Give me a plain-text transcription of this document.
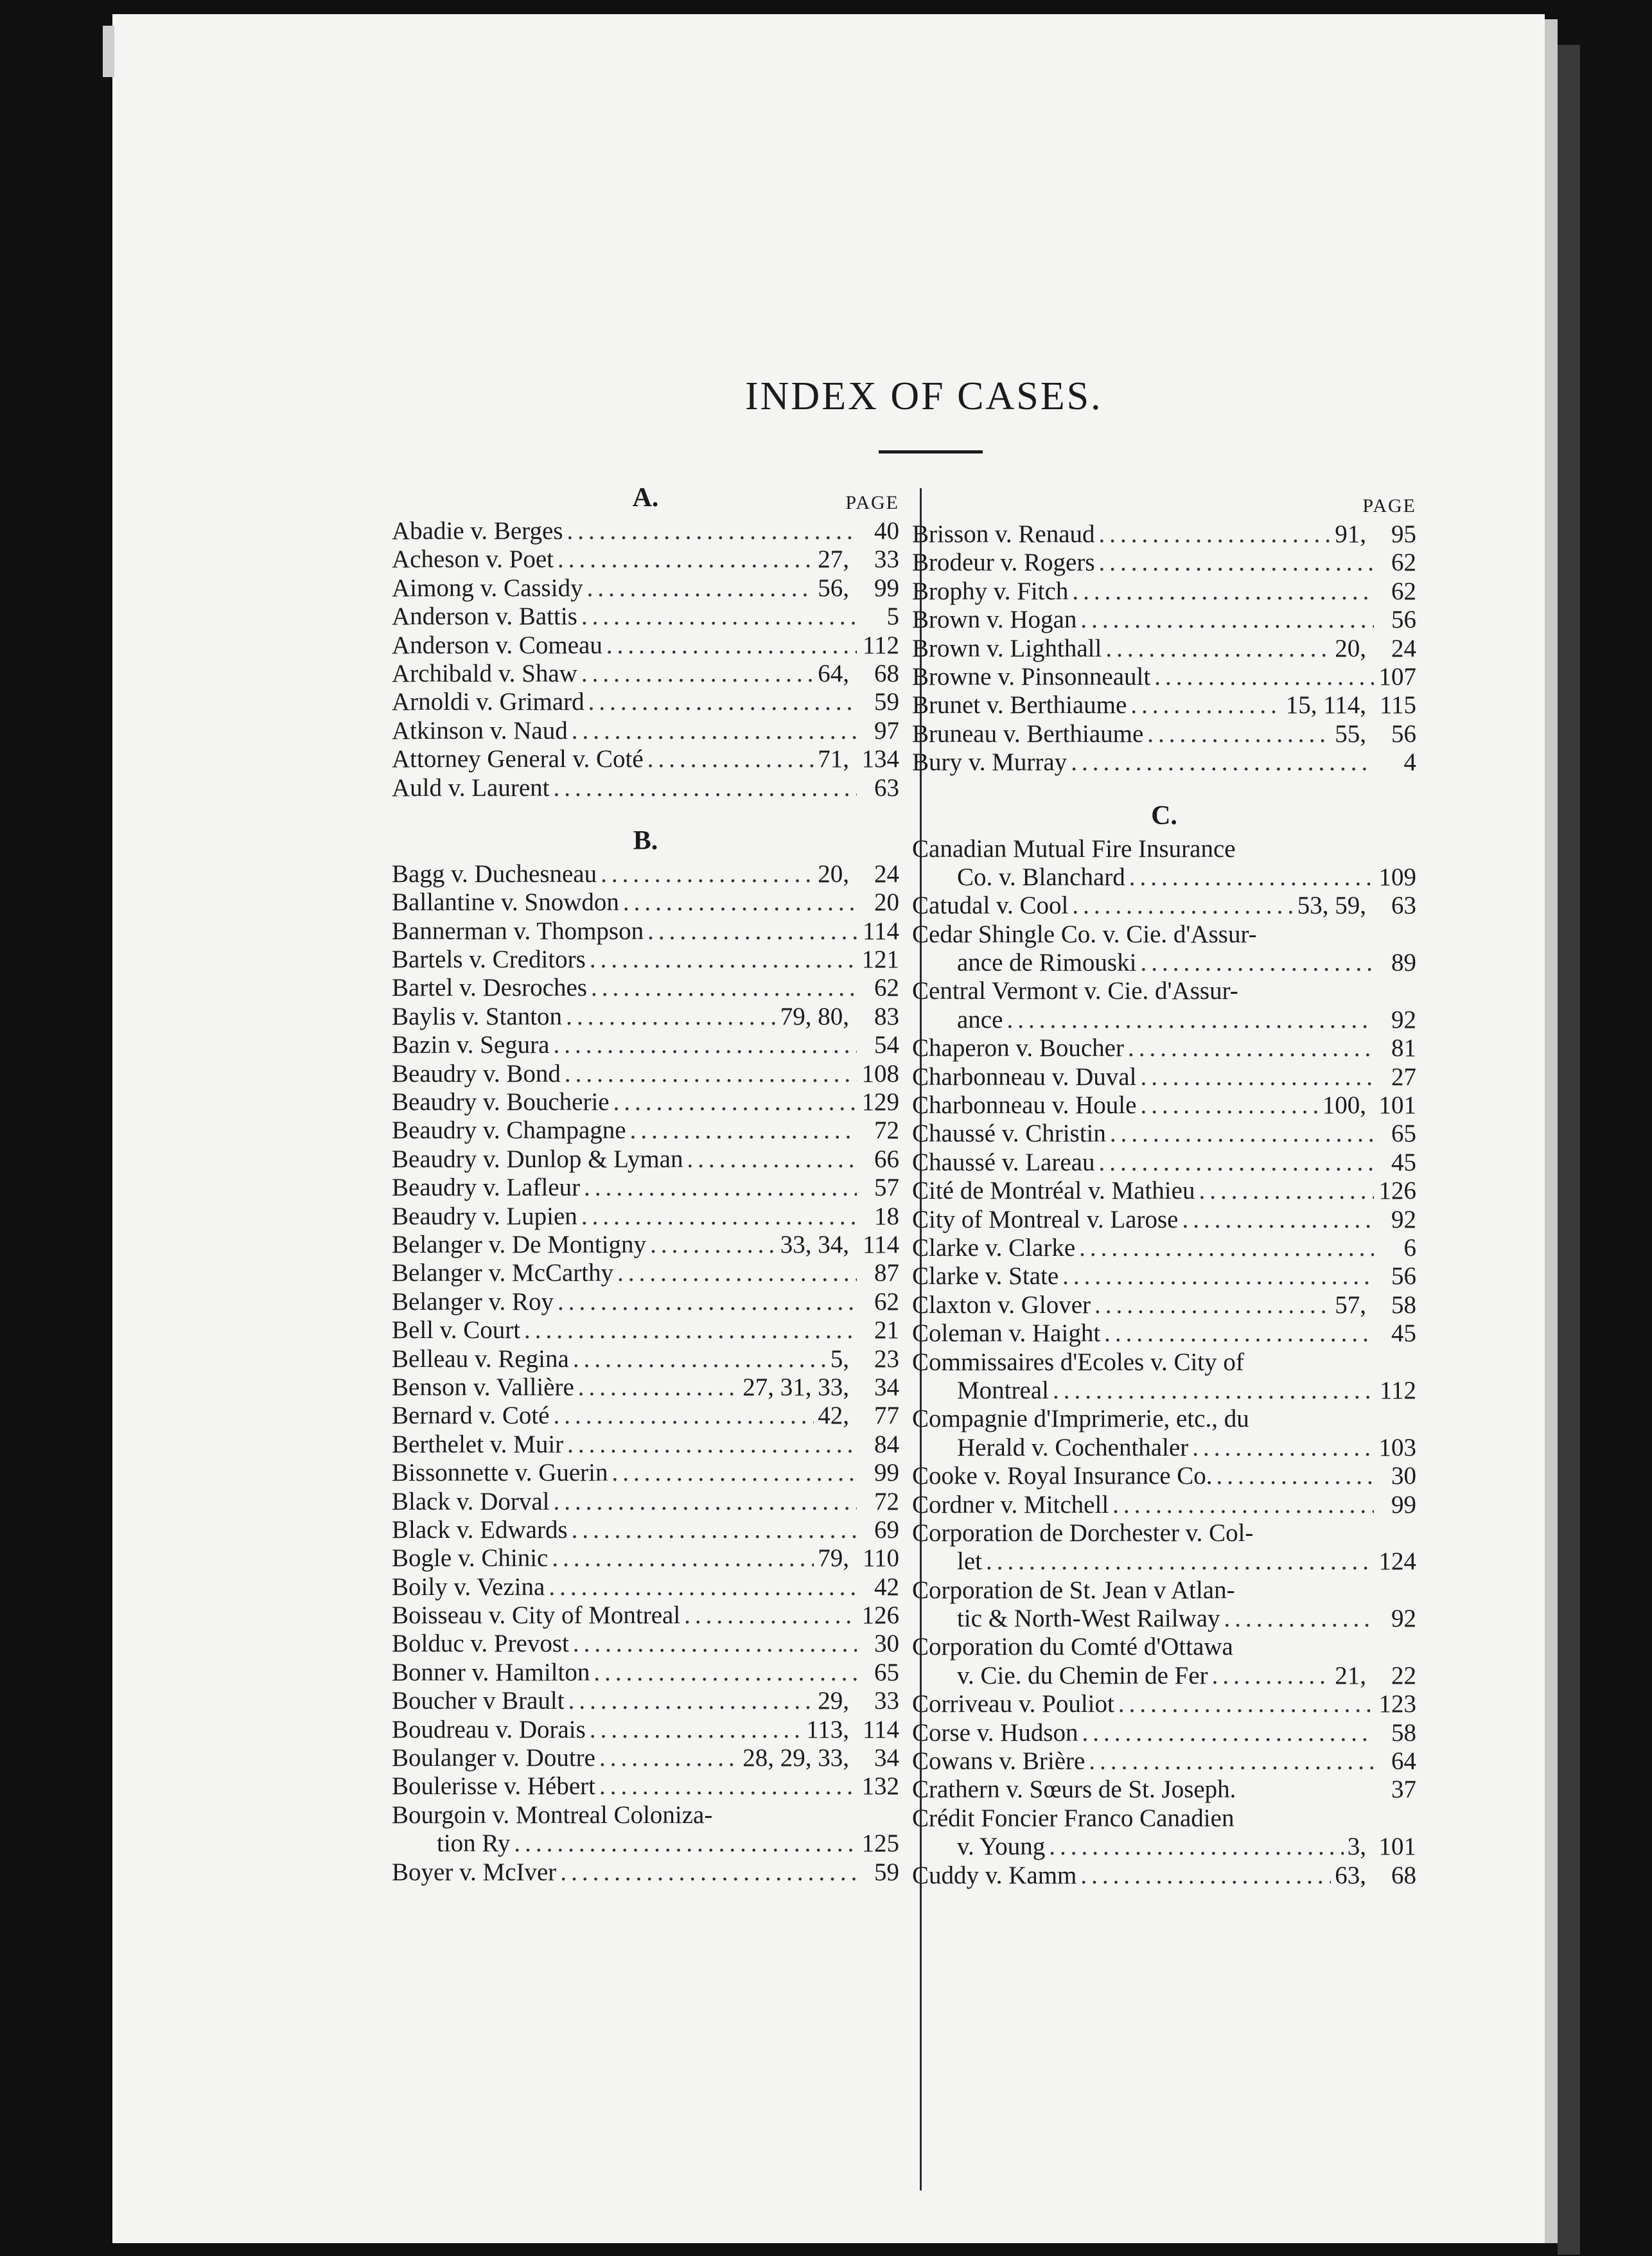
INDEX OF CASES.
A.	PAGE
Abadie v. Berges .....	40
Acheson v. Poet .....	27,	33
Aimong v. Cassidy .....	56,	99
Anderson v. Battis .....	5
Anderson v. Comeau .....	112
Archibald v. Shaw .....	64,	68
Arnoldi v. Grimard .....	59
Atkinson v. Naud .....	97
Attorney General v. Coté .....	71, 134
Auld v. Laurent .....	63
B.
Bagg v. Duchesneau .....	20,	24
Ballantine v. Snowdon .....	20
Bannerman v. Thompson .....	114
Bartels v. Creditors .....	121
Bartel v. Desroches .....	62
Baylis v. Stanton .....	79, 80,	83
Bazin v. Segura .....	54
Beaudry v. Bond .....	108
Beaudry v. Boucherie .....	129
Beaudry v. Champagne .....	72
Beaudry v. Dunlop & Lyman .....	66
Beaudry v. Lafleur .....	57
Beaudry v. Lupien .....	18
Belanger v. De Montigny .....	33, 34, 114
Belanger v. McCarthy .....	87
Belanger v. Roy .....	62
Bell v. Court .....	21
Belleau v. Regina .....	5,	23
Benson v. Vallière .....	27, 31, 33,	34
Bernard v. Coté .....	42,	77
Berthelet v. Muir .....	84
Bissonnette v. Guerin .....	99
Black v. Dorval .....	72
Black v. Edwards .....	69
Bogle v. Chinic .....	79, 110
Boily v. Vezina .....	42
Boisseau v. City of Montreal .....	126
Bolduc v. Prevost .....	30
Bonner v. Hamilton .....	65
Boucher v Brault .....	29,	33
Boudreau v. Dorais .....	113, 114
Boulanger v. Doutre .....	28, 29, 33,	34
Boulerisse v. Hébert .....	132
Bourgoin v. Montreal Coloniza-
tion Ry .....	125
Boyer v. McIver .....	59
PAGE
Brisson v. Renaud .....	91,	95
Brodeur v. Rogers .....	62
Brophy v. Fitch .....	62
Brown v. Hogan .....	56
Brown v. Lighthall .....	20,	24
Browne v. Pinsonneault .....	107
Brunet v. Berthiaume .....	15, 114, 115
Bruneau v. Berthiaume .....	55,	56
Bury v. Murray .....	4
C.
Canadian Mutual Fire Insurance
Co. v. Blanchard .....	109
Catudal v. Cool .....	53, 59,	63
Cedar Shingle Co. v. Cie. d'Assur-
ance de Rimouski .....	89
Central Vermont v. Cie. d'Assur-
ance .....	92
Chaperon v. Boucher .....	81
Charbonneau v. Duval .....	27
Charbonneau v. Houle .....	100, 101
Chaussé v. Christin .....	65
Chaussé v. Lareau .....	45
Cité de Montréal v. Mathieu .....	126
City of Montreal v. Larose .....	92
Clarke v. Clarke .....	6
Clarke v. State .....	56
Claxton v. Glover .....	57,	58
Coleman v. Haight .....	45
Commissaires d'Ecoles v. City of
Montreal .....	112
Compagnie d'Imprimerie, etc., du
Herald v. Cochenthaler .....	103
Cooke v. Royal Insurance Co. .....	30
Cordner v. Mitchell .....	99
Corporation de Dorchester v. Col-
let .....	124
Corporation de St. Jean v Atlan-
tic & North-West Railway .....	92
Corporation du Comté d'Ottawa
v. Cie. du Chemin de Fer .....	21,	22
Corriveau v. Pouliot .....	123
Corse v. Hudson .....	58
Cowans v. Brière .....	64
Crathern v. Sœurs de St. Joseph.	37
Crédit Foncier Franco Canadien
v. Young .....	3, 101
Cuddy v. Kamm .....	63,	68
